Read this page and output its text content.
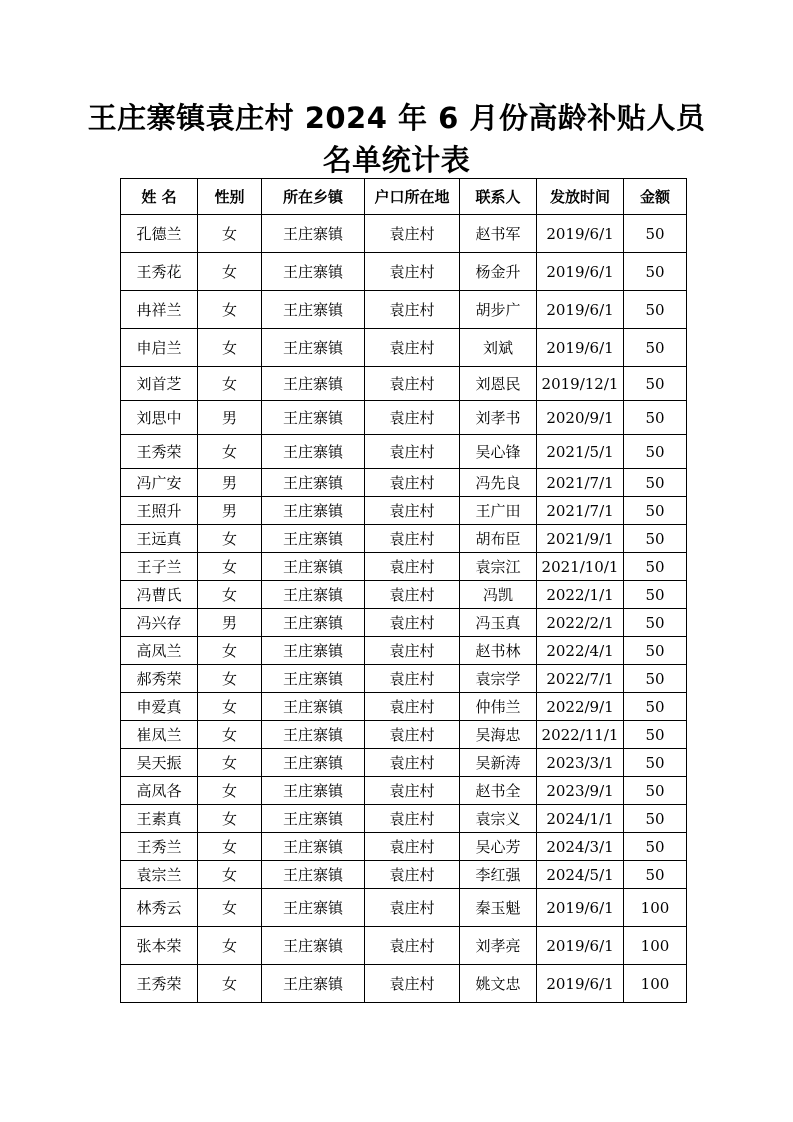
王庄寨镇袁庄村 2024 年 6 月份高龄补贴人员
名单统计表
姓 名	性别	所在乡镇	户口所在地	联系人	发放时间	金额
孔德兰	女	王庄寨镇	袁庄村	赵书军	2019/6/1	50
王秀花	女	王庄寨镇	袁庄村	杨金升	2019/6/1	50
冉祥兰	女	王庄寨镇	袁庄村	胡步广	2019/6/1	50
申启兰	女	王庄寨镇	袁庄村	刘斌	2019/6/1	50
刘首芝	女	王庄寨镇	袁庄村	刘恩民	2019/12/1	50
刘思中	男	王庄寨镇	袁庄村	刘孝书	2020/9/1	50
王秀荣	女	王庄寨镇	袁庄村	吴心锋	2021/5/1	50
冯广安	男	王庄寨镇	袁庄村	冯先良	2021/7/1	50
王照升	男	王庄寨镇	袁庄村	王广田	2021/7/1	50
王远真	女	王庄寨镇	袁庄村	胡布臣	2021/9/1	50
王子兰	女	王庄寨镇	袁庄村	袁宗江	2021/10/1	50
冯曹氏	女	王庄寨镇	袁庄村	冯凯	2022/1/1	50
冯兴存	男	王庄寨镇	袁庄村	冯玉真	2022/2/1	50
高凤兰	女	王庄寨镇	袁庄村	赵书林	2022/4/1	50
郝秀荣	女	王庄寨镇	袁庄村	袁宗学	2022/7/1	50
申爱真	女	王庄寨镇	袁庄村	仲伟兰	2022/9/1	50
崔凤兰	女	王庄寨镇	袁庄村	吴海忠	2022/11/1	50
吴天振	女	王庄寨镇	袁庄村	吴新涛	2023/3/1	50
高凤各	女	王庄寨镇	袁庄村	赵书全	2023/9/1	50
王素真	女	王庄寨镇	袁庄村	袁宗义	2024/1/1	50
王秀兰	女	王庄寨镇	袁庄村	吴心芳	2024/3/1	50
袁宗兰	女	王庄寨镇	袁庄村	李红强	2024/5/1	50
林秀云	女	王庄寨镇	袁庄村	秦玉魁	2019/6/1	100
张本荣	女	王庄寨镇	袁庄村	刘孝亮	2019/6/1	100
王秀荣	女	王庄寨镇	袁庄村	姚文忠	2019/6/1	100
